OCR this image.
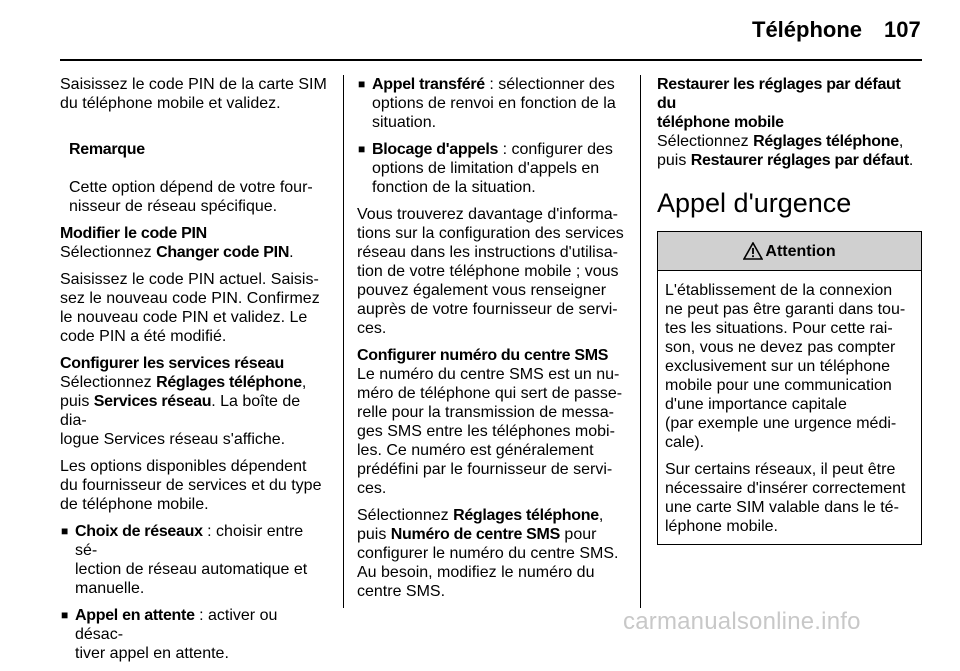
Téléphone 107

Saisissez le code PIN de la carte SIM
du téléphone mobile et validez.

Remarque

Cette option dépend de votre four-
nisseur de réseau spécifique.

Modifier le code PIN

Sélectionnez Changer code PIN.

Saisissez le code PIN actuel. Saisis-
sez le nouveau code PIN. Confirmez
le nouveau code PIN et validez. Le
code PIN a été modifié.

Configurer les services réseau

Sélectionnez Réglages téléphone,
puis Services réseau. La boîte de dia-
logue Services réseau s'affiche.

Les options disponibles dépendent
du fournisseur de services et du type
de téléphone mobile.

■ Choix de réseaux : choisir entre sé-
lection de réseau automatique et
manuelle.
■ Appel en attente : activer ou désac-
tiver appel en attente.
■ Appel transféré : sélectionner des
options de renvoi en fonction de la
situation.
■ Blocage d'appels : configurer des
options de limitation d'appels en
fonction de la situation.

Vous trouverez davantage d'informa-
tions sur la configuration des services
réseau dans les instructions d'utilisa-
tion de votre téléphone mobile ; vous
pouvez également vous renseigner
auprès de votre fournisseur de servi-
ces.

Configurer numéro du centre SMS

Le numéro du centre SMS est un nu-
méro de téléphone qui sert de passe-
relle pour la transmission de messa-
ges SMS entre les téléphones mobi-
les. Ce numéro est généralement
prédéfini par le fournisseur de servi-
ces.

Sélectionnez Réglages téléphone,
puis Numéro de centre SMS pour
configurer le numéro du centre SMS.
Au besoin, modifiez le numéro du
centre SMS.

Restaurer les réglages par défaut du
téléphone mobile

Sélectionnez Réglages téléphone,
puis Restaurer réglages par défaut.

Appel d'urgence
Attention

L'établissement de la connexion
ne peut pas être garanti dans tou-
tes les situations. Pour cette rai-
son, vous ne devez pas compter
exclusivement sur un téléphone
mobile pour une communication
d'une importance capitale
(par exemple une urgence médi-
cale).

Sur certains réseaux, il peut être
nécessaire d'insérer correctement
une carte SIM valable dans le té-
léphone mobile.

carmanualsonline.info
